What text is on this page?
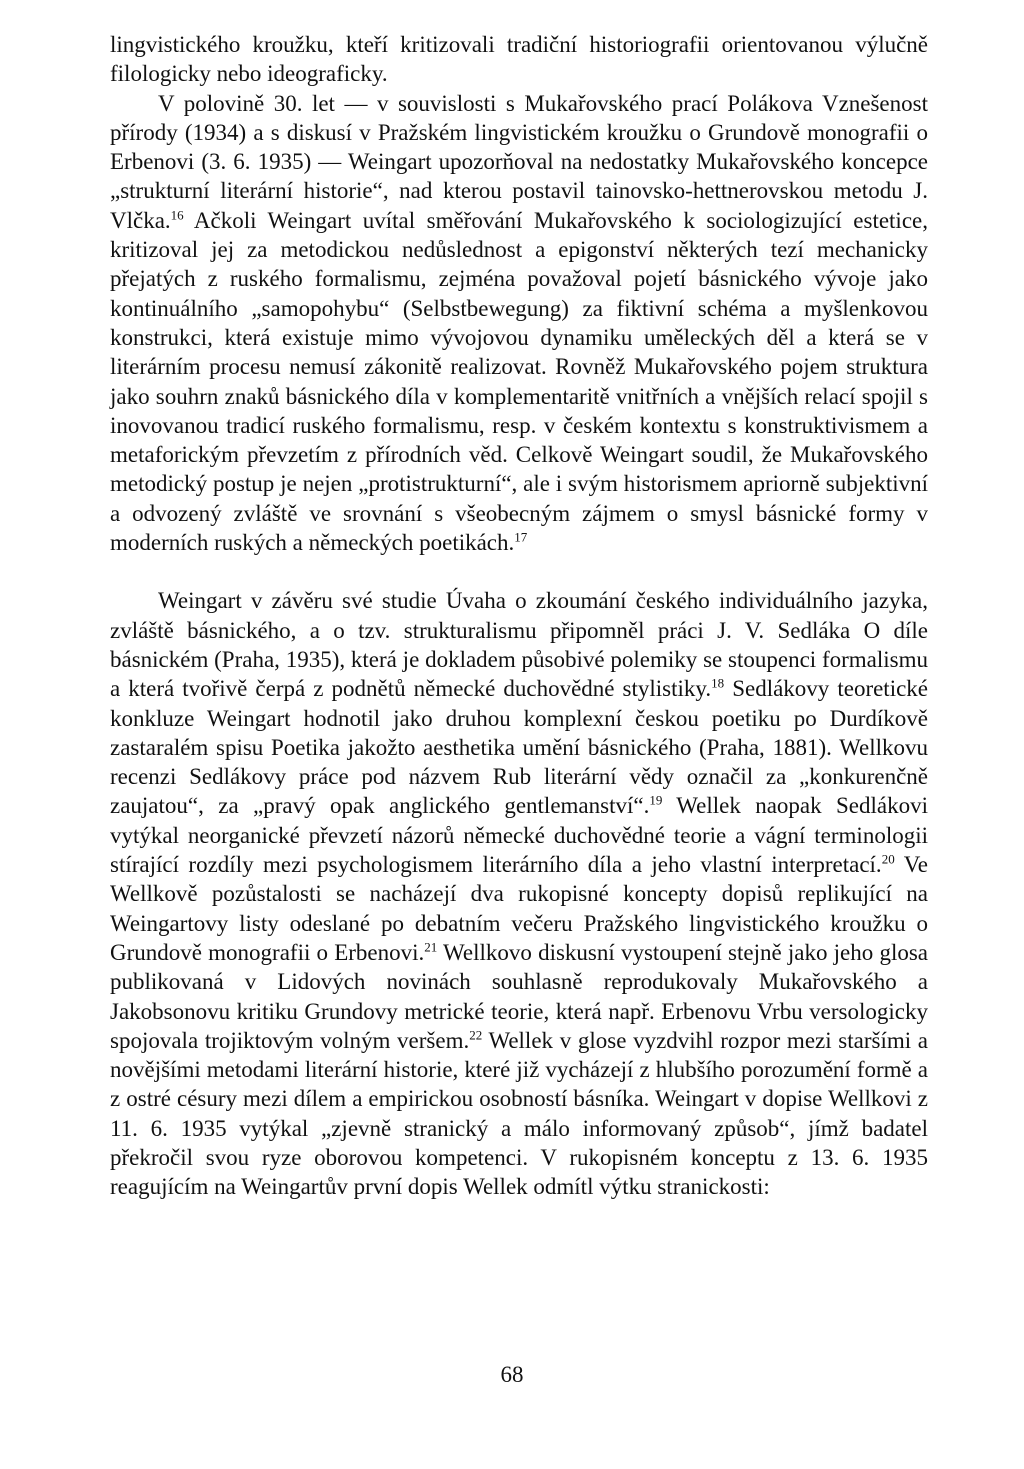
lingvistického kroužku, kteří kritizovali tradiční historiografii orientovanou výlučně filologicky nebo ideograficky.

V polovině 30. let — v souvislosti s Mukařovského prací Polákova Vznešenost přírody (1934) a s diskusí v Pražském lingvistickém kroužku o Grundově monografii o Erbenovi (3. 6. 1935) — Weingart upozorňoval na nedostatky Mukařovského koncepce „strukturní literární historie“, nad kterou postavil tainovsko-hettnerovskou metodu J. Vlčka.$^{16}$ Ačkoli Weingart uvítal směřování Mukařovského k sociologizující estetice, kritizoval jej za metodickou nedůslednost a epigonství některých tezí mechanicky přejatých z ruského formalismu, zejména považoval pojetí básnického vývoje jako kontinuálního „samopohybu“ (Selbstbewegung) za fiktivní schéma a myšlenkovou konstrukci, která existuje mimo vývojovou dynamiku uměleckých děl a která se v literárním procesu nemusí zákonitě realizovat. Rovněž Mukařovského pojem struktura jako souhrn znaků básnického díla v komplementaritě vnitřních a vnějších relací spojil s inovovanou tradicí ruského formalismu, resp. v českém kontextu s konstruktivismem a metaforickým převzetím z přírodních věd. Celkově Weingart soudil, že Mukařovského metodický postup je nejen „protistrukturní“, ale i svým historismem apriorně subjektivní a odvozený zvláště ve srovnání s všeobecným zájmem o smysl básnické formy v moderních ruských a německých poetikách.$^{17}$

Weingart v závěru své studie Úvaha o zkoumání českého individuálního jazyka, zvláště básnického, a o tzv. strukturalismu připomněl práci J. V. Sedláka O díle básnickém (Praha, 1935), která je dokladem působivé polemiky se stoupenci formalismu a která tvořivě čerpá z podnětů německé duchovědné stylistiky.$^{18}$ Sedlákovy teoretické konkluze Weingart hodnotil jako druhou komplexní českou poetiku po Durdíkově zastaralém spisu Poetika jakožto aesthetika umění básnického (Praha, 1881). Wellkovu recenzi Sedlákovy práce pod názvem Rub literární vědy označil za „konkurenčně zaujatou“, za „pravý opak anglického gentlemanství“.$^{19}$ Wellek naopak Sedlákovi vytýkal neorganické převzetí názorů německé duchovědné teorie a vágní terminologii stírající rozdíly mezi psychologismem literárního díla a jeho vlastní interpretací.$^{20}$ Ve Wellkově pozůstalosti se nacházejí dva rukopisné koncepty dopisů replikující na Weingartovy listy odeslané po debatním večeru Pražského lingvistického kroužku o Grundově monografii o Erbenovi.$^{21}$ Wellkovo diskusní vystoupení stejně jako jeho glosa publikovaná v Lidových novinách souhlasně reprodukovaly Mukařovského a Jakobsonovu kritiku Grundovy metrické teorie, která např. Erbenovu Vrbu versologicky spojovala trojiktovým volným veršem.$^{22}$ Wellek v glose vyzdvihl rozpor mezi staršími a novějšími metodami literární historie, které již vycházejí z hlubšího porozumění formě a z ostré césury mezi dílem a empirickou osobností básníka. Weingart v dopise Wellkovi z 11. 6. 1935 vytýkal „zjevně stranický a málo informovaný způsob“, jímž badatel překročil svou ryze oborovou kompetenci. V rukopisném konceptu z 13. 6. 1935 reagujícím na Weingartův první dopis Wellek odmítl výtku stranickosti:

68
